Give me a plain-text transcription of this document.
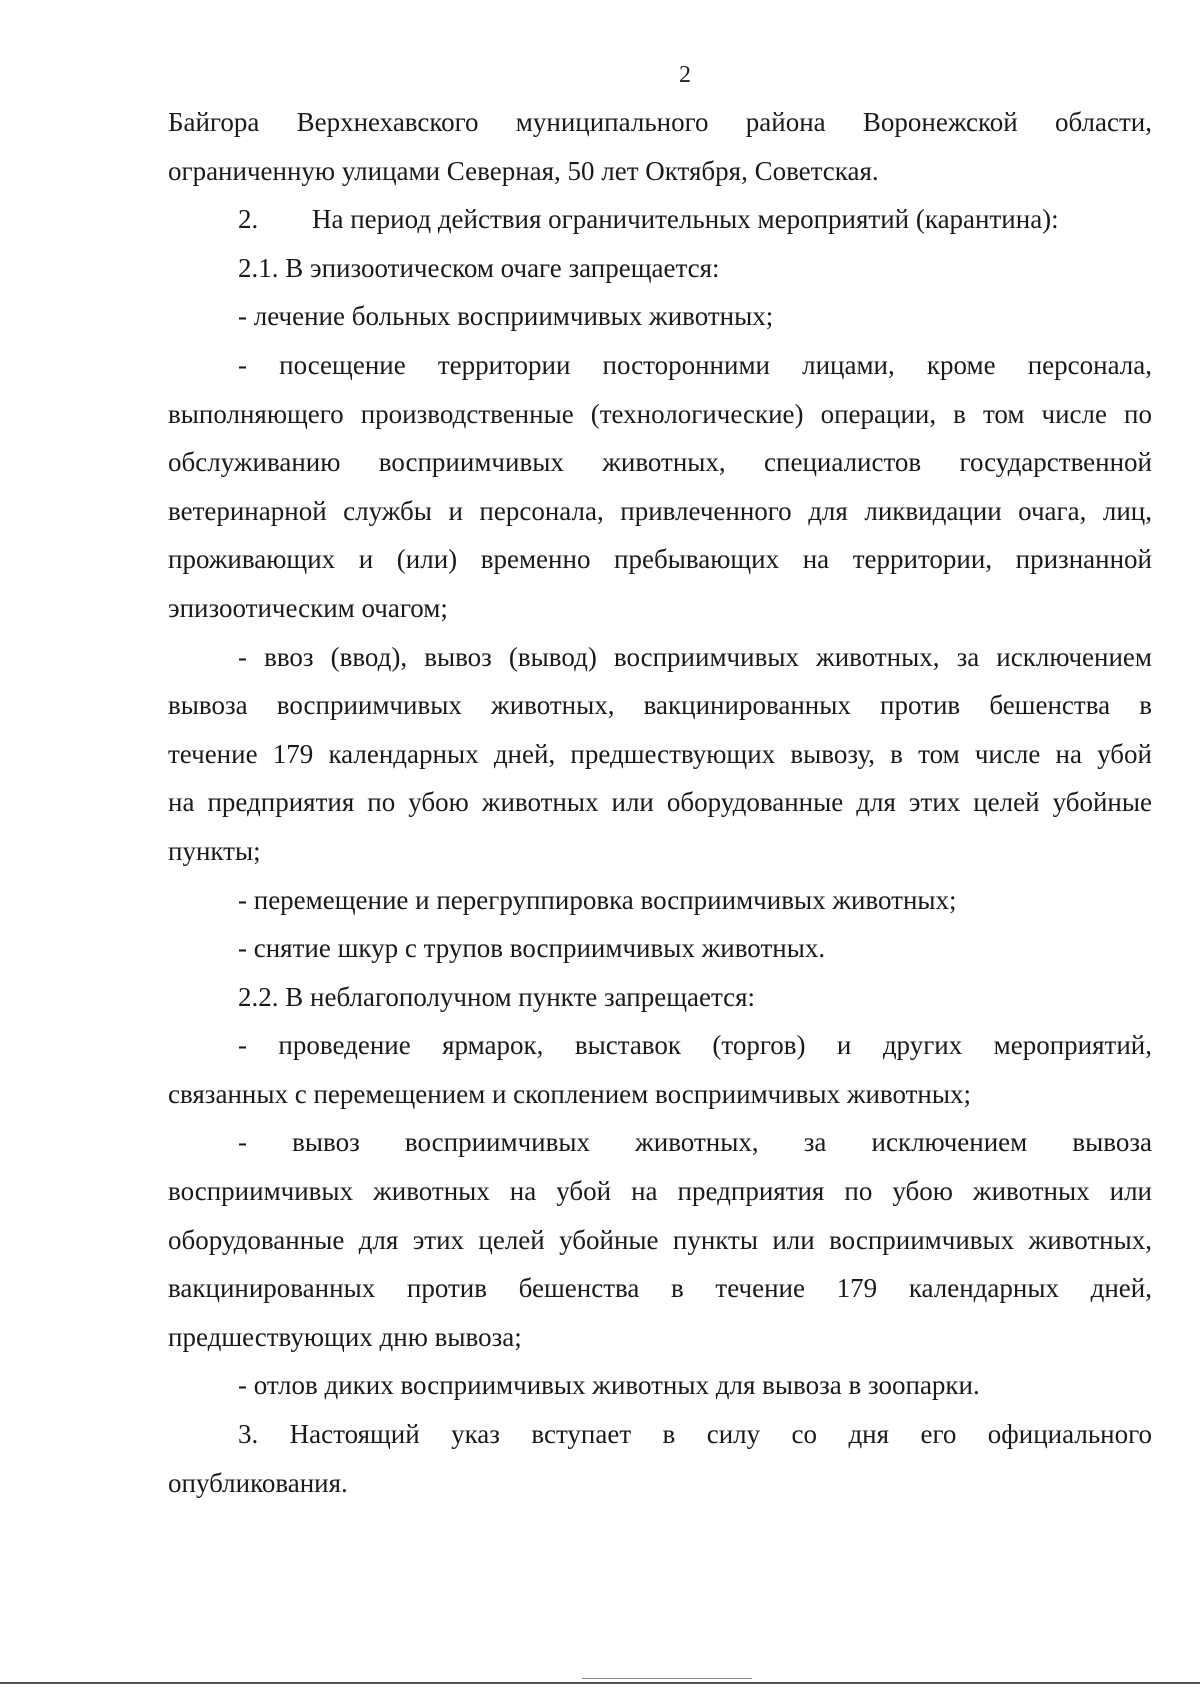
2
Байгора Верхнехавского муниципального района Воронежской области,
ограниченную улицами Северная, 50 лет Октября, Советская.
2. На период действия ограничительных мероприятий (карантина):
2.1. В эпизоотическом очаге запрещается:
- лечение больных восприимчивых животных;
- посещение территории посторонними лицами, кроме персонала,
выполняющего производственные (технологические) операции, в том числе по
обслуживанию восприимчивых животных, специалистов государственной
ветеринарной службы и персонала, привлеченного для ликвидации очага, лиц,
проживающих и (или) временно пребывающих на территории, признанной
эпизоотическим очагом;
- ввоз (ввод), вывоз (вывод) восприимчивых животных, за исключением
вывоза восприимчивых животных, вакцинированных против бешенства в
течение 179 календарных дней, предшествующих вывозу, в том числе на убой
на предприятия по убою животных или оборудованные для этих целей убойные
пункты;
- перемещение и перегруппировка восприимчивых животных;
- снятие шкур с трупов восприимчивых животных.
2.2. В неблагополучном пункте запрещается:
- проведение ярмарок, выставок (торгов) и других мероприятий,
связанных с перемещением и скоплением восприимчивых животных;
- вывоз восприимчивых животных, за исключением вывоза
восприимчивых животных на убой на предприятия по убою животных или
оборудованные для этих целей убойные пункты или восприимчивых животных,
вакцинированных против бешенства в течение 179 календарных дней,
предшествующих дню вывоза;
- отлов диких восприимчивых животных для вывоза в зоопарки.
3. Настоящий указ вступает в силу со дня его официального
опубликования.
